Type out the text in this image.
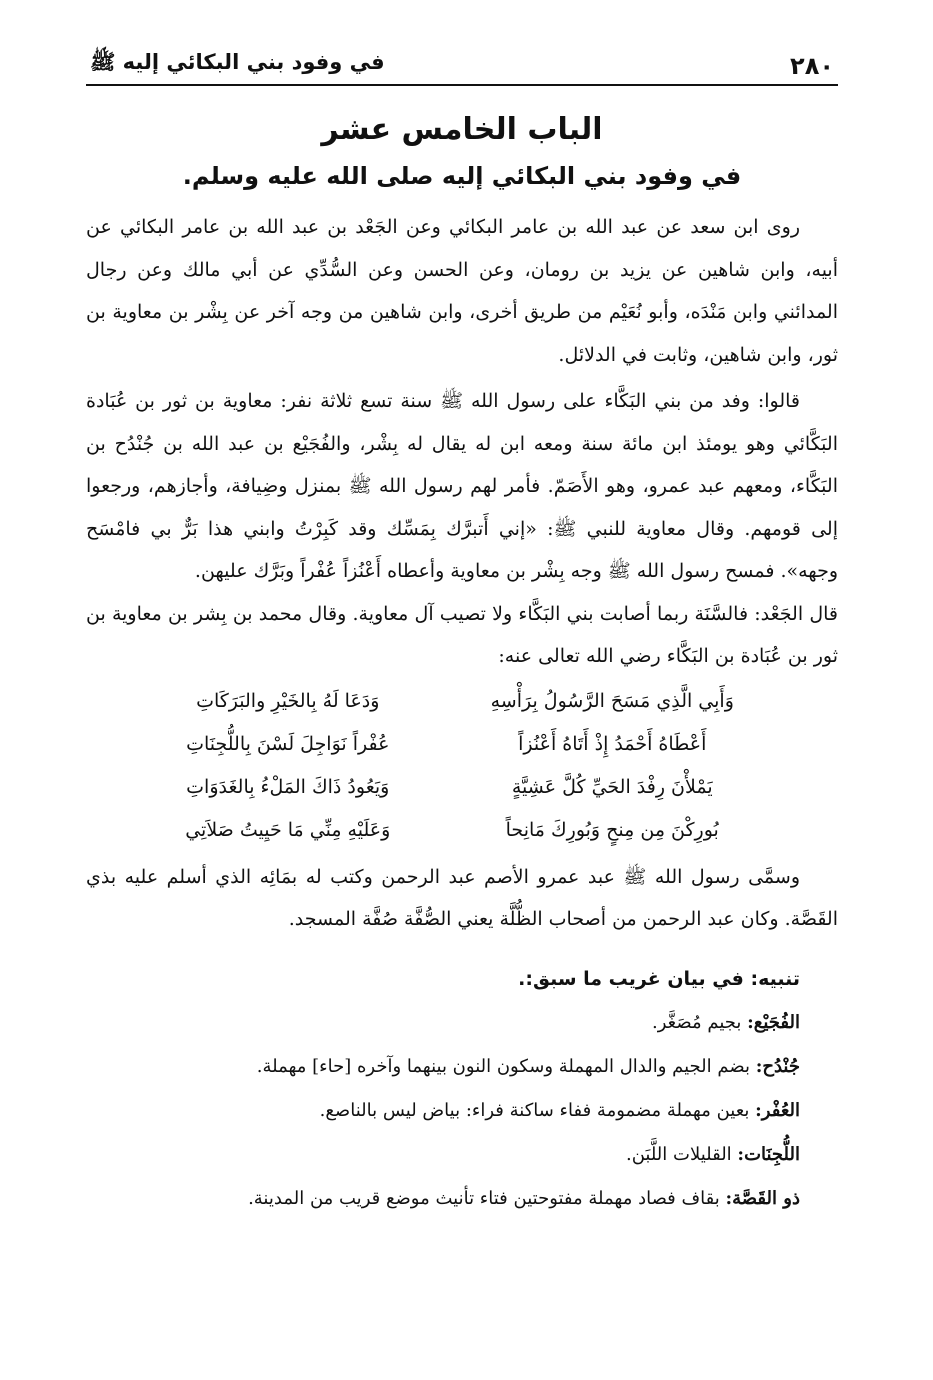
٢٨٠
في وفود بني البكائي إليه ﷺ
الباب الخامس عشر
في وفود بني البكائي إليه صلى الله عليه وسلم.

روى ابن سعد عن عبد الله بن عامر البكائي وعن الجَعْد بن عبد الله بن عامر البكائي عن أبيه، وابن شاهين عن يزيد بن رومان، وعن الحسن وعن السُّدِّي عن أبي مالك وعن رجال المدائني وابن مَنْدَه، وأبو نُعَيْم من طريق أخرى، وابن شاهين من وجه آخر عن بِشْر بن معاوية بن ثور، وابن شاهين، وثابت في الدلائل.

قالوا: وفد من بني البَكَّاء على رسول الله ﷺ سنة تسع ثلاثة نفر: معاوية بن ثور بن عُبَادة البَكَّائي وهو يومئذ ابن مائة سنة ومعه ابن له يقال له بِشْر، والفُجَيْع بن عبد الله بن جُنْدُح بن البَكَّاء، ومعهم عبد عمرو، وهو الأَصَمّ. فأمر لهم رسول الله ﷺ بمنزل وضِيافة، وأجازهم، ورجعوا إلى قومهم. وقال معاوية للنبي ﷺ: «إني أَتبرَّك بِمَسِّك وقد كَبِرْتُ وابني هذا بَرٌّ بي فامْسَح وجهه». فمسح رسول الله ﷺ وجه بِشْر بن معاوية وأعطاه أَعْنُزاً عُفْراً وبَرَّك عليهن.

قال الجَعْد: فالسَّنَة ربما أصابت بني البَكَّاء ولا تصيب آل معاوية. وقال محمد بن بِشر بن معاوية بن ثور بن عُبَادة بن البَكَّاء رضي الله تعالى عنه:

وَأَبِي الَّذِي مَسَحَ الرَّسُولُ بِرَأْسِهِ
وَدَعَا لَهُ بِالخَيْرِ والبَرَكَاتِ
أَعْطَاهُ أَحْمَدُ إِذْ أَتَاهُ أَعْنُزاً
عُفْراً نَوَاجِلَ لَسْنَ بِاللُّجِنَاتِ
يَمْلأْنَ رِفْدَ الحَيِّ كُلَّ عَشِيَّةٍ
وَيَعُودُ ذَاكَ المَلْءُ بِالغَدَوَاتِ
بُورِكْنَ مِن مِنحٍ وَبُورِكَ مَانِحاً
وَعَلَيْهِ مِنِّي مَا حَيِيتُ صَلاَتِي

وسمَّى رسول الله ﷺ عبد عمرو الأصم عبد الرحمن وكتب له بمَائِه الذي أسلم عليه بذي القَصَّة. وكان عبد الرحمن من أصحاب الظُّلَّة يعني الصُّفَّة صُفَّة المسجد.

تنبيه: في بيان غريب ما سبق:.

الفُجَيْع: بجيم مُصَغَّر.

جُنْدُح: بضم الجيم والدال المهملة وسكون النون بينهما وآخره [حاء] مهملة.

العُفْر: بعين مهملة مضمومة ففاء ساكنة فراء: بياض ليس بالناصع.

اللُّجِنَات: القليلات اللَّبَن.

ذو القَصَّة: بقاف فصاد مهملة مفتوحتين فتاء تأنيث موضع قريب من المدينة.
